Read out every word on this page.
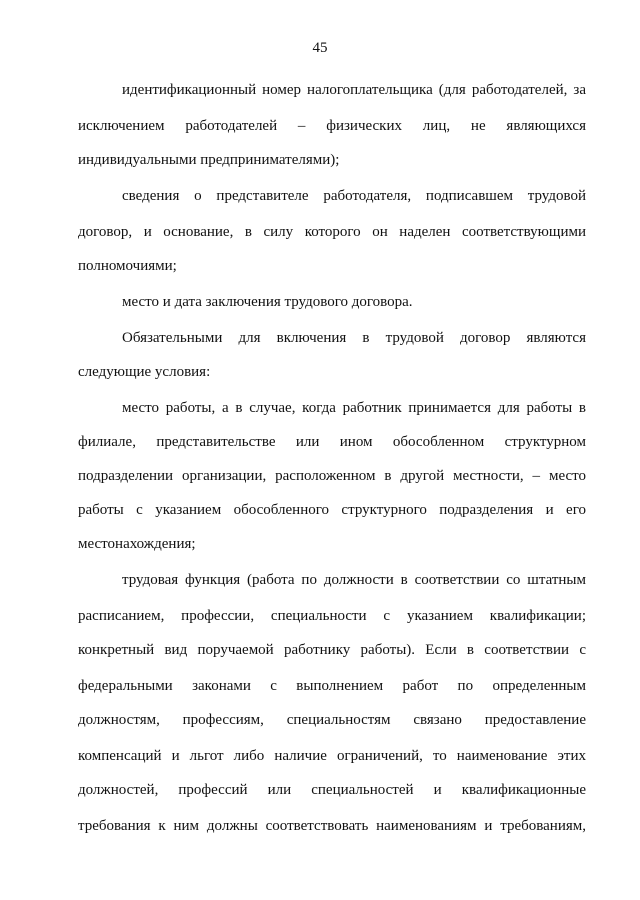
45
идентификационный номер налогоплательщика (для работодателей, за
исключением работодателей – физических лиц, не являющихся
индивидуальными предпринимателями);
сведения о представителе работодателя, подписавшем трудовой
договор, и основание, в силу которого он наделен соответствующими
полномочиями;
место и дата заключения трудового договора.
Обязательными для включения в трудовой договор являются
следующие условия:
место работы, а в случае, когда работник принимается для работы в
филиале, представительстве или ином обособленном структурном
подразделении организации, расположенном в другой местности, – место
работы с указанием обособленного структурного подразделения и его
местонахождения;
трудовая функция (работа по должности в соответствии со штатным
расписанием, профессии, специальности с указанием квалификации;
конкретный вид поручаемой работнику работы). Если в соответствии с
федеральными законами с выполнением работ по определенным
должностям, профессиям, специальностям связано предоставление
компенсаций и льгот либо наличие ограничений, то наименование этих
должностей, профессий или специальностей и квалификационные
требования к ним должны соответствовать наименованиям и требованиям,
